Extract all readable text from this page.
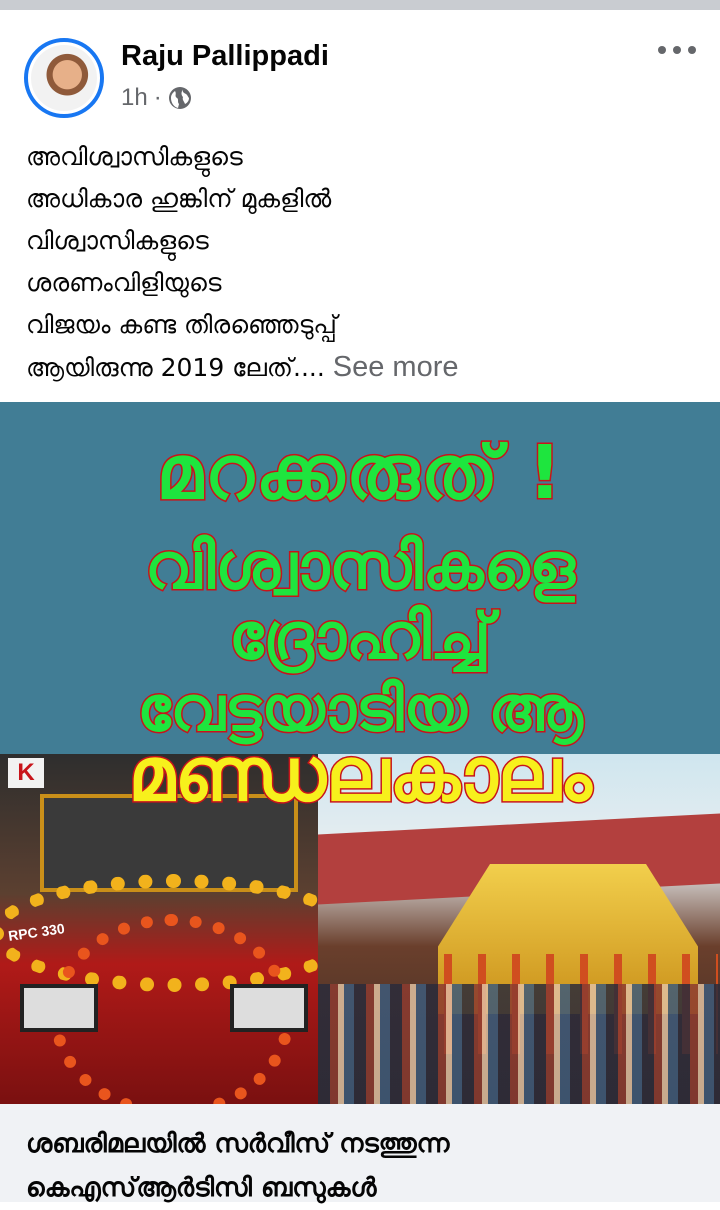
Raju Pallippadi
1h ·
അവിശ്വാസികളുടെ
അധികാര ഹുങ്കിന് മുകളിൽ
വിശ്വാസികളുടെ
ശരണംവിളിയുടെ
വിജയം കണ്ട തിരഞ്ഞെടുപ്പ്
ആയിരുന്നു 2019 ലേത്.... See more
K
RPC 330
മറക്കരുത് !
വിശ്വാസികളെ
ദ്രോഹിച്ച്
വേട്ടയാടിയ ആ
മണ്ഡലകാലം
ശബരിമലയിൽ സർവീസ് നടത്തുന്ന
കെഎസ്ആർടിസി ബസുകൾ
